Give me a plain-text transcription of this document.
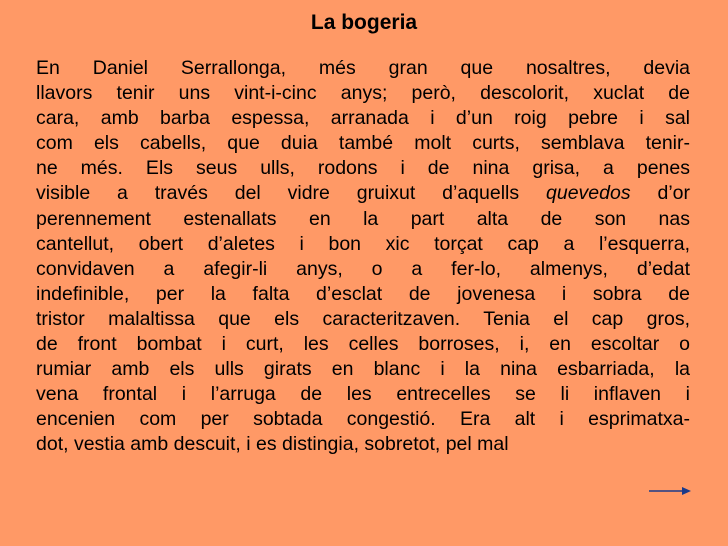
La bogeria
En Daniel Serrallonga, més gran que nosaltres, devia
llavors tenir uns vint-i-cinc anys; però, descolorit, xuclat de
cara, amb barba espessa, arranada i d’un roig pebre i sal
com els cabells, que duia també molt curts, semblava tenir-
ne més. Els seus ulls, rodons i de nina grisa, a penes
visible a través del vidre gruixut d’aquells quevedos d’or
perennement estenallats en la part alta de son nas
cantellut, obert d’aletes i bon xic torçat cap a l’esquerra,
convidaven a afegir-li anys, o a fer-lo, almenys, d’edat
indefinible, per la falta d’esclat de jovenesa i sobra de
tristor malaltissa que els caracteritzaven. Tenia el cap gros,
de front bombat i curt, les celles borroses, i, en escoltar o
rumiar amb els ulls girats en blanc i la nina esbarriada, la
vena frontal i l’arruga de les entrecelles se li inflaven i
encenien com per sobtada congestió. Era alt i esprimatxa-
dot, vestia amb descuit, i es distingia, sobretot, pel mal
